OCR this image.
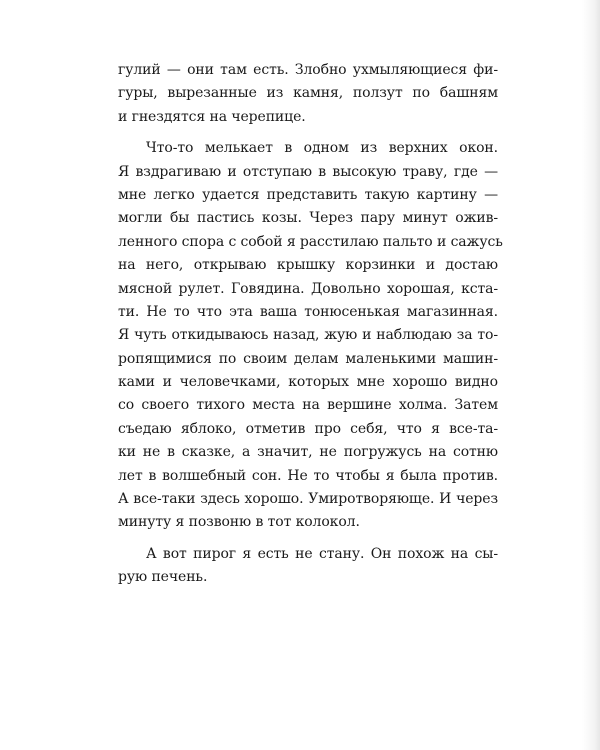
гулий — они там есть. Злобно ухмыляющиеся фи-
гуры, вырезанные из камня, ползут по башням
и гнездятся на черепице.
Что-то мелькает в одном из верхних окон.
Я вздрагиваю и отступаю в высокую траву, где —
мне легко удается представить такую картину —
могли бы пастись козы. Через пару минут ожив-
ленного спора с собой я расстилаю пальто и сажусь
на него, открываю крышку корзинки и достаю
мясной рулет. Говядина. Довольно хорошая, кста-
ти. Не то что эта ваша тонюсенькая магазинная.
Я чуть откидываюсь назад, жую и наблюдаю за то-
ропящимися по своим делам маленькими машин-
ками и человечками, которых мне хорошо видно
со своего тихого места на вершине холма. Затем
съедаю яблоко, отметив про себя, что я все-та-
ки не в сказке, а значит, не погружусь на сотню
лет в волшебный сон. Не то чтобы я была против.
А все-таки здесь хорошо. Умиротворяюще. И через
минуту я позвоню в тот колокол.
А вот пирог я есть не стану. Он похож на сы-
рую печень.
